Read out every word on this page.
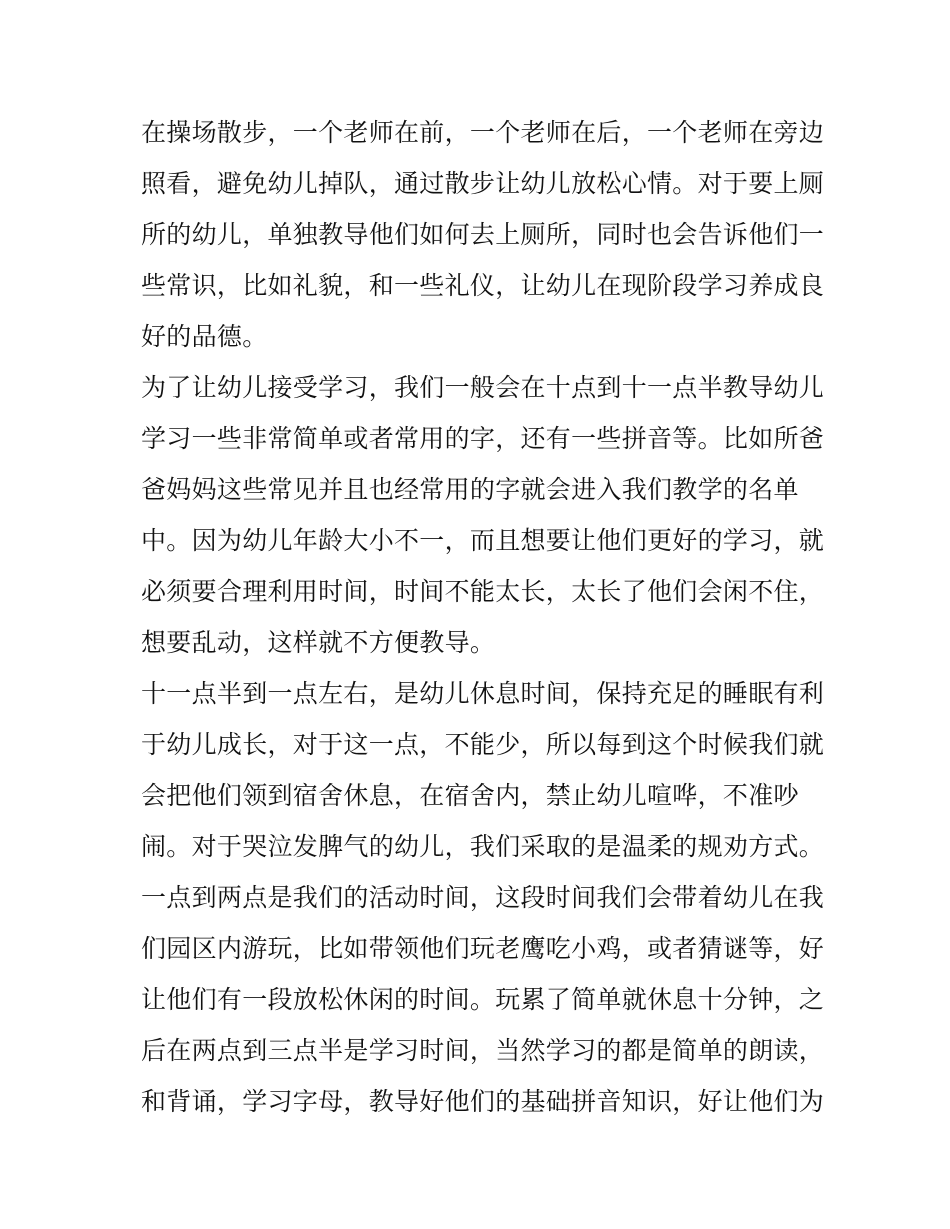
在操场散步，一个老师在前，一个老师在后，一个老师在旁边
照看，避免幼儿掉队，通过散步让幼儿放松心情。对于要上厕
所的幼儿，单独教导他们如何去上厕所，同时也会告诉他们一
些常识，比如礼貌，和一些礼仪，让幼儿在现阶段学习养成良
好的品德。
为了让幼儿接受学习，我们一般会在十点到十一点半教导幼儿
学习一些非常简单或者常用的字，还有一些拼音等。比如所爸
爸妈妈这些常见并且也经常用的字就会进入我们教学的名单
中。因为幼儿年龄大小不一，而且想要让他们更好的学习，就
必须要合理利用时间，时间不能太长，太长了他们会闲不住，
想要乱动，这样就不方便教导。
十一点半到一点左右，是幼儿休息时间，保持充足的睡眠有利
于幼儿成长，对于这一点，不能少，所以每到这个时候我们就
会把他们领到宿舍休息，在宿舍内，禁止幼儿喧哗，不准吵
闹。对于哭泣发脾气的幼儿，我们采取的是温柔的规劝方式。
一点到两点是我们的活动时间，这段时间我们会带着幼儿在我
们园区内游玩，比如带领他们玩老鹰吃小鸡，或者猜谜等，好
让他们有一段放松休闲的时间。玩累了简单就休息十分钟，之
后在两点到三点半是学习时间，当然学习的都是简单的朗读，
和背诵，学习字母，教导好他们的基础拼音知识，好让他们为
